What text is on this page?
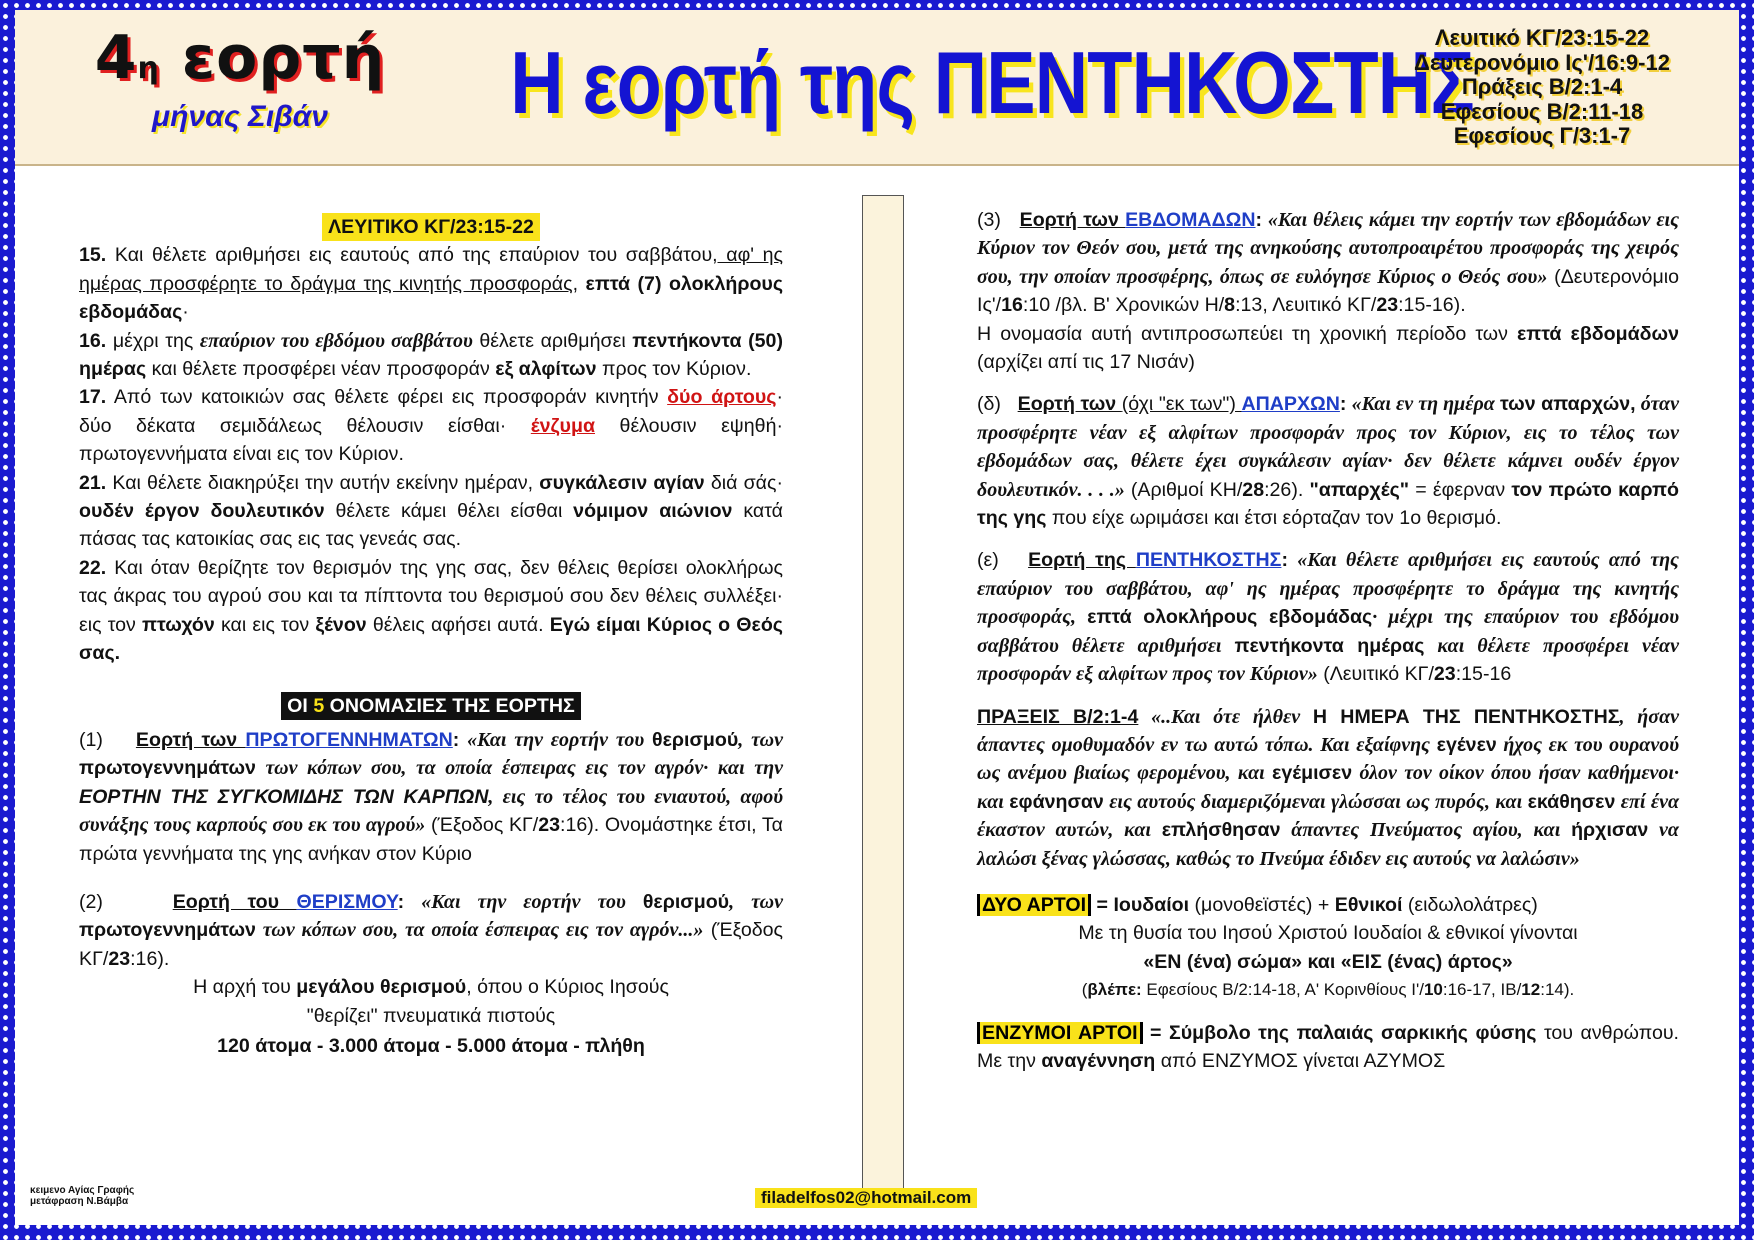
4η εορτή
μήνας Σιβάν	Η εορτή της ΠΕΝΤΗΚΟΣΤΗΣ
Λευιτικό ΚΓ/23:15-22
Δευτερονόμιο Ις'/16:9-12
Πράξεις Β/2:1-4
Εφεσίους Β/2:11-18
Εφεσίους Γ/3:1-7
ΛΕΥΙΤΙΚΟ ΚΓ/23:15-22
15. Και θέλετε αριθμήσει εις εαυτούς από της επαύριον του σαββάτου, αφ' ης ημέρας προσφέρητε το δράγμα της κινητής προσφοράς, επτά (7) ολοκλήρους εβδομάδας·
16. μέχρι της επαύριον του εβδόμου σαββάτου θέλετε αριθμήσει πεντήκοντα (50) ημέρας και θέλετε προσφέρει νέαν προσφοράν εξ αλφίτων προς τον Κύριον.
17. Από των κατοικιών σας θέλετε φέρει εις προσφοράν κινητήν δύο άρτους· δύο δέκατα σεμιδάλεως θέλουσιν είσθαι· ένζυμα θέλουσιν εψηθή· πρωτογεννήματα είναι εις τον Κύριον.
21. Και θέλετε διακηρύξει την αυτήν εκείνην ημέραν, συγκάλεσιν αγίαν διά σάς· ουδέν έργον δουλευτικόν θέλετε κάμει θέλει είσθαι νόμιμον αιώνιον κατά πάσας τας κατοικίας σας εις τας γενεάς σας.
22. Και όταν θερίζητε τον θερισμόν της γης σας, δεν θέλεις θερίσει ολοκλήρως τας άκρας του αγρού σου και τα πίπτοντα του θερισμού σου δεν θέλεις συλλέξει· εις τον πτωχόν και εις τον ξένον θέλεις αφήσει αυτά. Εγώ είμαι Κύριος ο Θεός σας.
ΟΙ 5 ΟΝΟΜΑΣΙΕΣ ΤΗΣ ΕΟΡΤΗΣ
(1) Εορτή των ΠΡΩΤΟΓΕΝΝΗΜΑΤΩΝ: «Και την εορτήν του θερισμού, των πρωτογεννημάτων των κόπων σου, τα οποία έσπειρας εις τον αγρόν· και την ΕΟΡΤΗΝ ΤΗΣ ΣΥΓΚΟΜΙΔΗΣ ΤΩΝ ΚΑΡΠΩΝ, εις το τέλος του ενιαυτού, αφού συνάξης τους καρπούς σου εκ του αγρού» (Έξοδος ΚΓ/23:16). Ονομάστηκε έτσι, Τα πρώτα γεννήματα της γης ανήκαν στον Κύριο
(2)	Εορτή του ΘΕΡΙΣΜΟΥ: «Και την εορτήν του θερισμού, των πρωτογεννημάτων των κόπων σου, τα οποία έσπειρας εις τον αγρόν...» (Έξοδος ΚΓ/23:16).
Η αρχή του μεγάλου θερισμού, όπου ο Κύριος Ιησούς
"θερίζει" πνευματικά πιστούς
120 άτομα - 3.000 άτομα - 5.000 άτομα - πλήθη
(3) Εορτή των ΕΒΔΟΜΑΔΩΝ: «Και θέλεις κάμει την εορτήν των εβδομάδων εις Κύριον τον Θεόν σου, μετά της ανηκούσης αυτοπροαιρέτου προσφοράς της χειρός σου, την οποίαν προσφέρης, όπως σε ευλόγησε Κύριος ο Θεός σου» (Δευτερονόμιο Ις'/16:10 /βλ. Β' Χρονικών Η/8:13, Λευιτικό ΚΓ/23:15-16).
Η ονομασία αυτή αντιπροσωπεύει τη χρονική περίοδο των επτά εβδομάδων (αρχίζει απί τις 17 Νισάν)
(δ) Εορτή των (όχι "εκ των") ΑΠΑΡΧΩΝ: «Και εν τη ημέρα των απαρχών, όταν προσφέρητε νέαν εξ αλφίτων προσφοράν προς τον Κύριον, εις το τέλος των εβδομάδων σας, θέλετε έχει συγκάλεσιν αγίαν· δεν θέλετε κάμνει ουδέν έργον δουλευτικόν. . . .» (Αριθμοί ΚΗ/28:26). "απαρχές" = έφερναν τον πρώτο καρπό της γης που είχε ωριμάσει και έτσι εόρταζαν τον 1ο θερισμό.
(ε) Εορτή της ΠΕΝΤΗΚΟΣΤΗΣ: «Και θέλετε αριθμήσει εις εαυτούς από της επαύριον του σαββάτου, αφ' ης ημέρας προσφέρητε το δράγμα της κινητής προσφοράς, επτά ολοκλήρους εβδομάδας· μέχρι της επαύριον του εβδόμου σαββάτου θέλετε αριθμήσει πεντήκοντα ημέρας και θέλετε προσφέρει νέαν προσφοράν εξ αλφίτων προς τον Κύριον» (Λευιτικό ΚΓ/23:15-16
ΠΡΑΞΕΙΣ Β/2:1-4 «..Και ότε ήλθεν Η ΗΜΕΡΑ ΤΗΣ ΠΕΝΤΗΚΟΣΤΗΣ, ήσαν άπαντες ομοθυμαδόν εν τω αυτώ τόπω. Και εξαίφνης εγένεν ήχος εκ του ουρανού ως ανέμου βιαίως φερομένου, και εγέμισεν όλον τον οίκον όπου ήσαν καθήμενοι· και εφάνησαν εις αυτούς διαμεριζόμεναι γλώσσαι ως πυρός, και εκάθησεν επί ένα έκαστον αυτών, και επλήσθησαν άπαντες Πνεύματος αγίου, και ήρχισαν να λαλώσι ξένας γλώσσας, καθώς το Πνεύμα έδιδεν εις αυτούς να λαλώσιν»
ΔΥΟ ΑΡΤΟΙ = Ιουδαίοι (μονοθεϊστές) + Εθνικοί (ειδωλολάτρες)
Με τη θυσία του Ιησού Χριστού Ιουδαίοι & εθνικοί γίνονται
«ΕΝ (ένα) σώμα» και «ΕΙΣ (ένας) άρτος»
(βλέπε: Εφεσίους Β/2:14-18, Α' Κορινθίους Ι'/10:16-17, ΙΒ/12:14).
ΕΝΖΥΜΟΙ ΑΡΤΟΙ = Σύμβολο της παλαιάς σαρκικής φύσης του ανθρώπου. Με την αναγέννηση από ΕΝΖΥΜΟΣ γίνεται ΑΖΥΜΟΣ
κειμενο Αγίας Γραφής
μετάφραση Ν.Βάμβα	filadelfos02@hotmail.com
